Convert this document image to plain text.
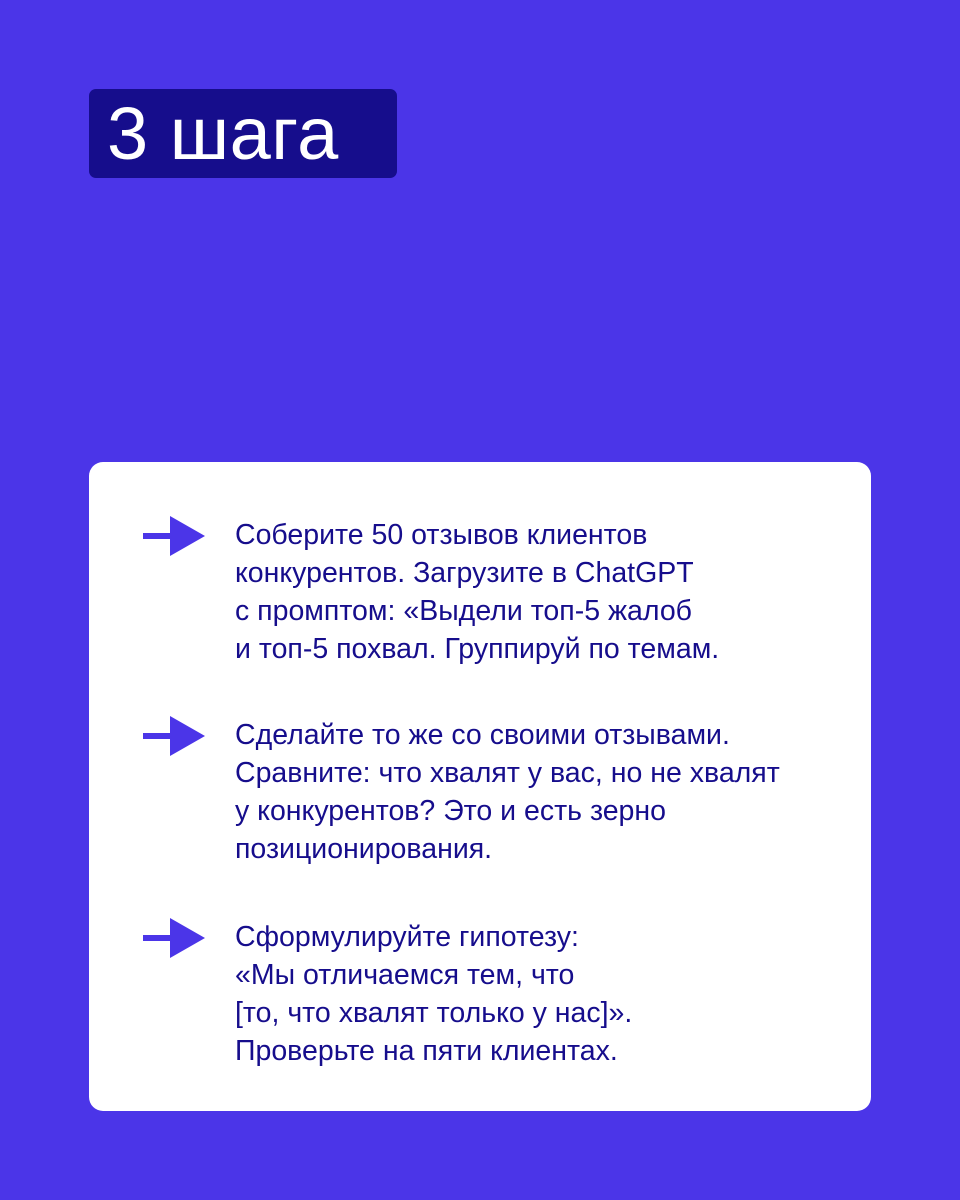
3 шага
Соберите 50 отзывов клиентов
конкурентов. Загрузите в ChatGPT
с промптом: «Выдели топ-5 жалоб
и топ-5 похвал. Группируй по темам.
Сделайте то же со своими отзывами.
Сравните: что хвалят у вас, но не хвалят
у конкурентов? Это и есть зерно
позиционирования.
Сформулируйте гипотезу:
«Мы отличаемся тем, что
[то, что хвалят только у нас]».
Проверьте на пяти клиентах.
